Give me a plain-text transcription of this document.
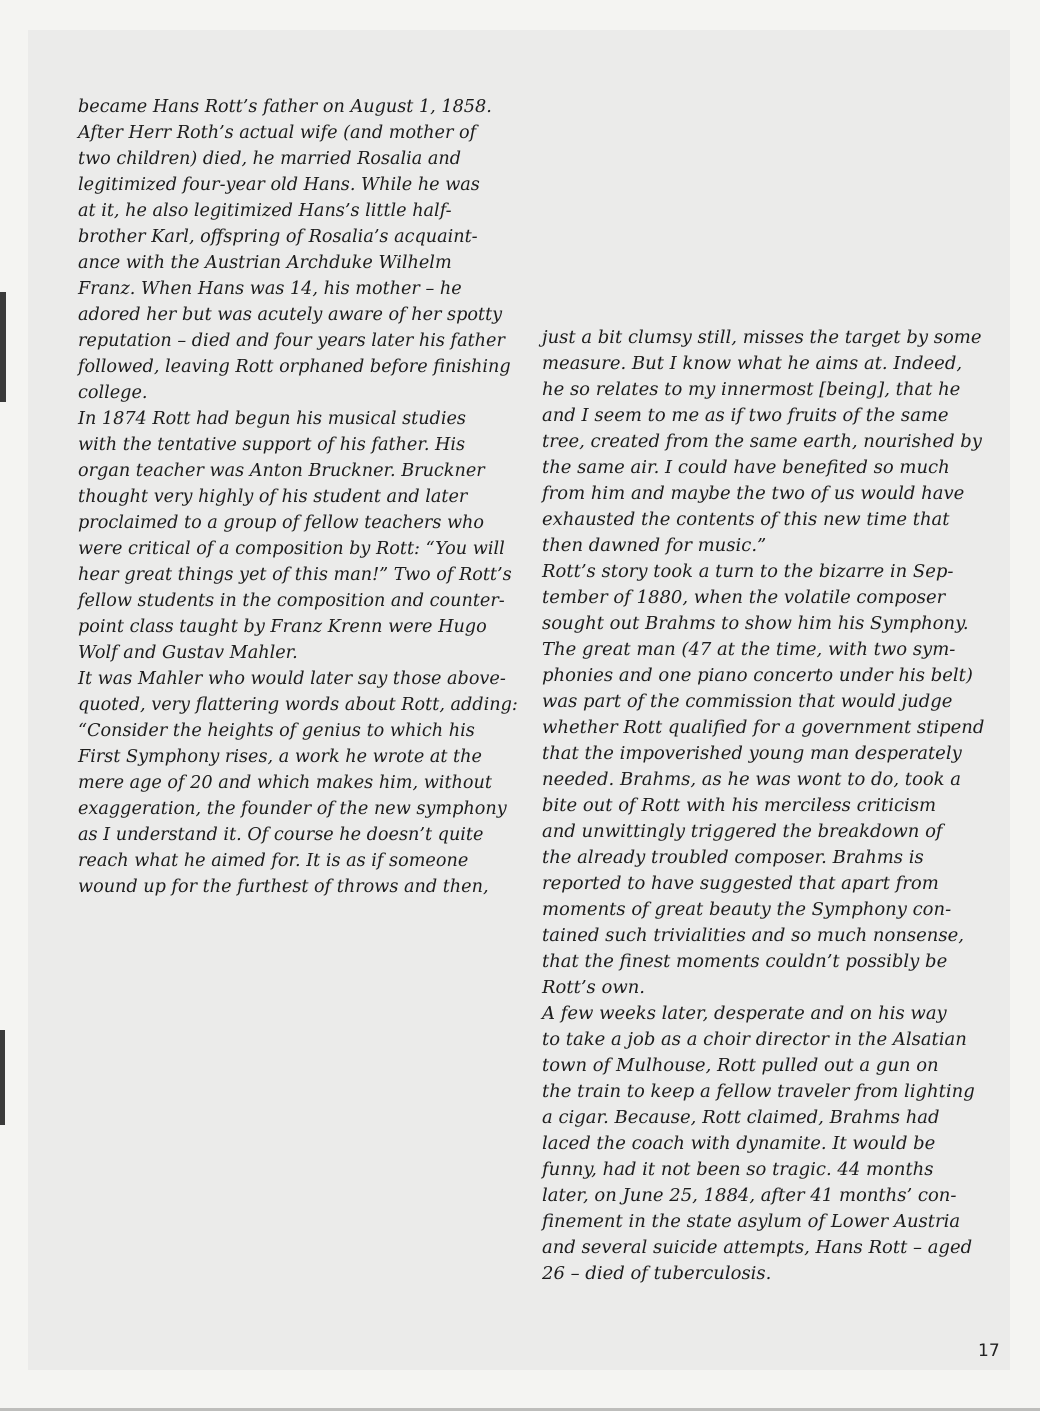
became Hans Rott’s father on August 1, 1858.
After Herr Roth’s actual wife (and mother of
two children) died, he married Rosalia and
legitimized four-year old Hans. While he was
at it, he also legitimized Hans’s little half-
brother Karl, offspring of Rosalia’s acquaint-
ance with the Austrian Archduke Wilhelm
Franz. When Hans was 14, his mother – he
adored her but was acutely aware of her spotty
reputation – died and four years later his father
followed, leaving Rott orphaned before finishing
college.
In 1874 Rott had begun his musical studies
with the tentative support of his father. His
organ teacher was Anton Bruckner. Bruckner
thought very highly of his student and later
proclaimed to a group of fellow teachers who
were critical of a composition by Rott: “You will
hear great things yet of this man!” Two of Rott’s
fellow students in the composition and counter-
point class taught by Franz Krenn were Hugo
Wolf and Gustav Mahler.
It was Mahler who would later say those above-
quoted, very flattering words about Rott, adding:
“Consider the heights of genius to which his
First Symphony rises, a work he wrote at the
mere age of 20 and which makes him, without
exaggeration, the founder of the new symphony
as I understand it. Of course he doesn’t quite
reach what he aimed for. It is as if someone
wound up for the furthest of throws and then,
just a bit clumsy still, misses the target by some
measure. But I know what he aims at. Indeed,
he so relates to my innermost [being], that he
and I seem to me as if two fruits of the same
tree, created from the same earth, nourished by
the same air. I could have benefited so much
from him and maybe the two of us would have
exhausted the contents of this new time that
then dawned for music.”
Rott’s story took a turn to the bizarre in Sep-
tember of 1880, when the volatile composer
sought out Brahms to show him his Symphony.
The great man (47 at the time, with two sym-
phonies and one piano concerto under his belt)
was part of the commission that would judge
whether Rott qualified for a government stipend
that the impoverished young man desperately
needed. Brahms, as he was wont to do, took a
bite out of Rott with his merciless criticism
and unwittingly triggered the breakdown of
the already troubled composer. Brahms is
reported to have suggested that apart from
moments of great beauty the Symphony con-
tained such trivialities and so much nonsense,
that the finest moments couldn’t possibly be
Rott’s own.
A few weeks later, desperate and on his way
to take a job as a choir director in the Alsatian
town of Mulhouse, Rott pulled out a gun on
the train to keep a fellow traveler from lighting
a cigar. Because, Rott claimed, Brahms had
laced the coach with dynamite. It would be
funny, had it not been so tragic. 44 months
later, on June 25, 1884, after 41 months’ con-
finement in the state asylum of Lower Austria
and several suicide attempts, Hans Rott – aged
26 – died of tuberculosis.
17
